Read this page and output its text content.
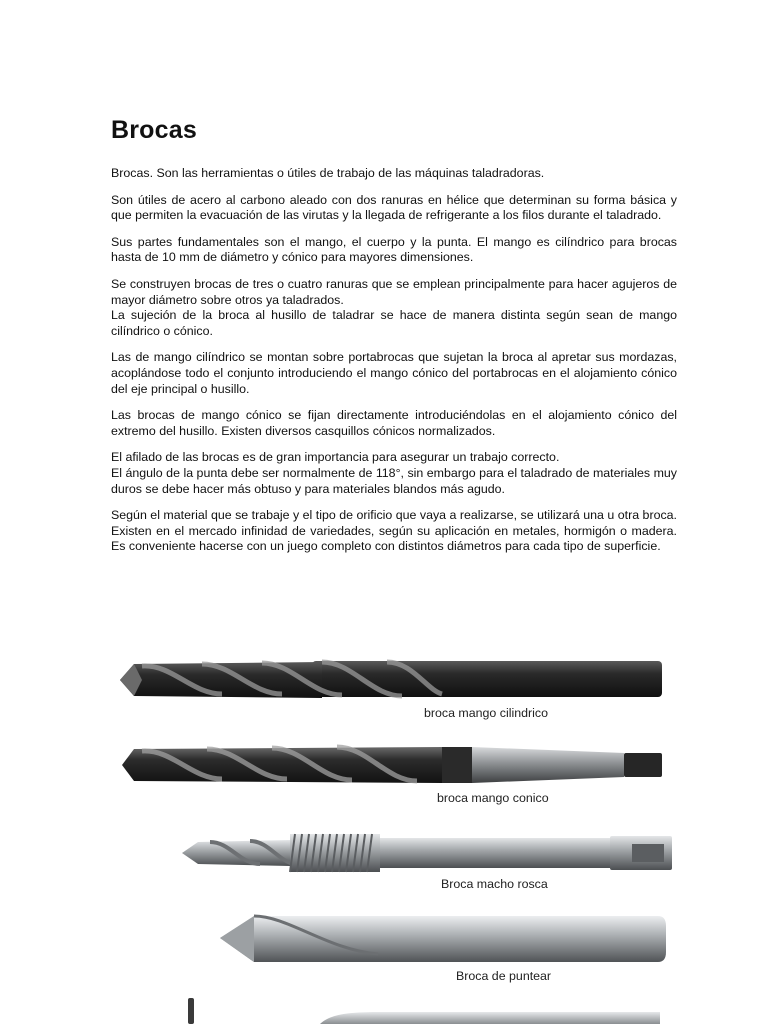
Brocas

Brocas. Son las herramientas o útiles de trabajo de las máquinas taladradoras.

Son útiles de acero al carbono aleado con dos ranuras en hélice que determinan su forma básica y que permiten la evacuación de las virutas y la llegada de refrigerante a los filos durante el taladrado.

Sus partes fundamentales son el mango, el cuerpo y la punta. El mango es cilíndrico para brocas hasta de 10 mm de diámetro y cónico para mayores dimensiones.

Se construyen brocas de tres o cuatro ranuras que se emplean principalmente para hacer agujeros de mayor diámetro sobre otros ya taladrados.

La sujeción de la broca al husillo de taladrar se hace de manera distinta según sean de mango cilíndrico o cónico.

Las de mango cilíndrico se montan sobre portabrocas que sujetan la broca al apretar sus mordazas, acoplándose todo el conjunto introduciendo el mango cónico del portabrocas en el alojamiento cónico del eje principal o husillo.

Las brocas de mango cónico se fijan directamente introduciéndolas en el alojamiento cónico del extremo del husillo. Existen diversos casquillos cónicos normalizados.

El afilado de las brocas es de gran importancia para asegurar un trabajo correcto.

El ángulo de la punta debe ser normalmente de 118°, sin embargo para el taladrado de materiales muy duros se debe hacer más obtuso y para materiales blandos más agudo.

Según el material que se trabaje y el tipo de orificio que vaya a realizarse, se utilizará una u otra broca. Existen en el mercado infinidad de variedades, según su aplicación en metales, hormigón o madera. Es conveniente hacerse con un juego completo con distintos diámetros para cada tipo de superficie.

broca mango cilindrico
broca mango conico
Broca macho rosca
Broca de puntear
